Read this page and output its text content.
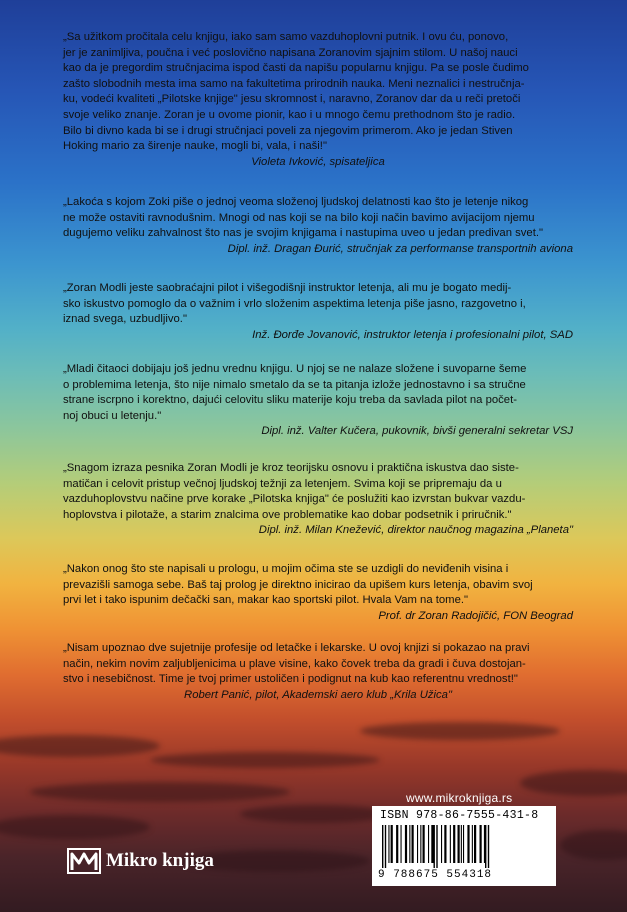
„Sa užitkom pročitala celu knjigu, iako sam samo vazduhoplovni putnik. I ovu ću, ponovo,
jer je zanimljiva, poučna i već poslovično napisana Zoranovim sjajnim stilom. U našoj nauci
kao da je pregordim stručnjacima ispod časti da napišu popularnu knjigu. Pa se posle čudimo
zašto slobodnih mesta ima samo na fakultetima prirodnih nauka. Meni neznalici i nestručnja-
ku, vodeći kvaliteti „Pilotske knjige" jesu skromnost i, naravno, Zoranov dar da u reči pretoči
svoje veliko znanje. Zoran je u ovome pionir, kao i u mnogo čemu prethodnom što je radio.
Bilo bi divno kada bi se i drugi stručnjaci poveli za njegovim primerom. Ako je jedan Stiven
Hoking mario za širenje nauke, mogli bi, vala, i naši!"

Violeta Ivković, spisateljica

„Lakoća s kojom Zoki piše o jednoj veoma složenoj ljudskoj delatnosti kao što je letenje nikog
ne može ostaviti ravnodušnim. Mnogi od nas koji se na bilo koji način bavimo avijacijom njemu
dugujemo veliku zahvalnost što nas je svojim knjigama i nastupima uveo u jedan predivan svet."

Dipl. inž. Dragan Đurić, stručnjak za performanse transportnih aviona

„Zoran Modli jeste saobraćajni pilot i višegodišnji instruktor letenja, ali mu je bogato medij-
sko iskustvo pomoglo da o važnim i vrlo složenim aspektima letenja piše jasno, razgovetno i,
iznad svega, uzbudljivo."

Inž. Đorđe Jovanović, instruktor letenja i profesionalni pilot, SAD

„Mladi čitaoci dobijaju još jednu vrednu knjigu. U njoj se ne nalaze složene i suvoparne šeme
o problemima letenja, što nije nimalo smetalo da se ta pitanja izlože jednostavno i sa stručne
strane iscrpno i korektno, dajući celovitu sliku materije koju treba da savlada pilot na počet-
noj obuci u letenju."

Dipl. inž. Valter Kučera, pukovnik, bivši generalni sekretar VSJ

„Snagom izraza pesnika Zoran Modli je kroz teorijsku osnovu i praktična iskustva dao siste-
matičan i celovit pristup večnoj ljudskoj težnji za letenjem. Svima koji se pripremaju da u
vazduhoplovstvu načine prve korake „Pilotska knjiga" će poslužiti kao izvrstan bukvar vazdu-
hoplovstva i pilotaže, a starim znalcima ove problematike kao dobar podsetnik i priručnik."

Dipl. inž. Milan Knežević, direktor naučnog magazina „Planeta"

„Nakon onog što ste napisali u prologu, u mojim očima ste se uzdigli do neviđenih visina i
prevazišli samoga sebe. Baš taj prolog je direktno inicirao da upišem kurs letenja, obavim svoj
prvi let i tako ispunim dečački san, makar kao sportski pilot. Hvala Vam na tome."

Prof. dr Zoran Radojičić, FON Beograd

„Nisam upoznao dve sujetnije profesije od letačke i lekarske. U ovoj knjizi si pokazao na pravi
način, nekim novim zaljubljenicima u plave visine, kako čovek treba da gradi i čuva dostojan-
stvo i nesebičnost. Time je tvoj primer ustoličen i podignut na kub kao referentnu vrednost!"

Robert Panić, pilot, Akademski aero klub „Krila Užica"

www.mikroknjiga.rs
ISBN 978-86-7555-431-8
9 788675 554318
Mikro knjiga
